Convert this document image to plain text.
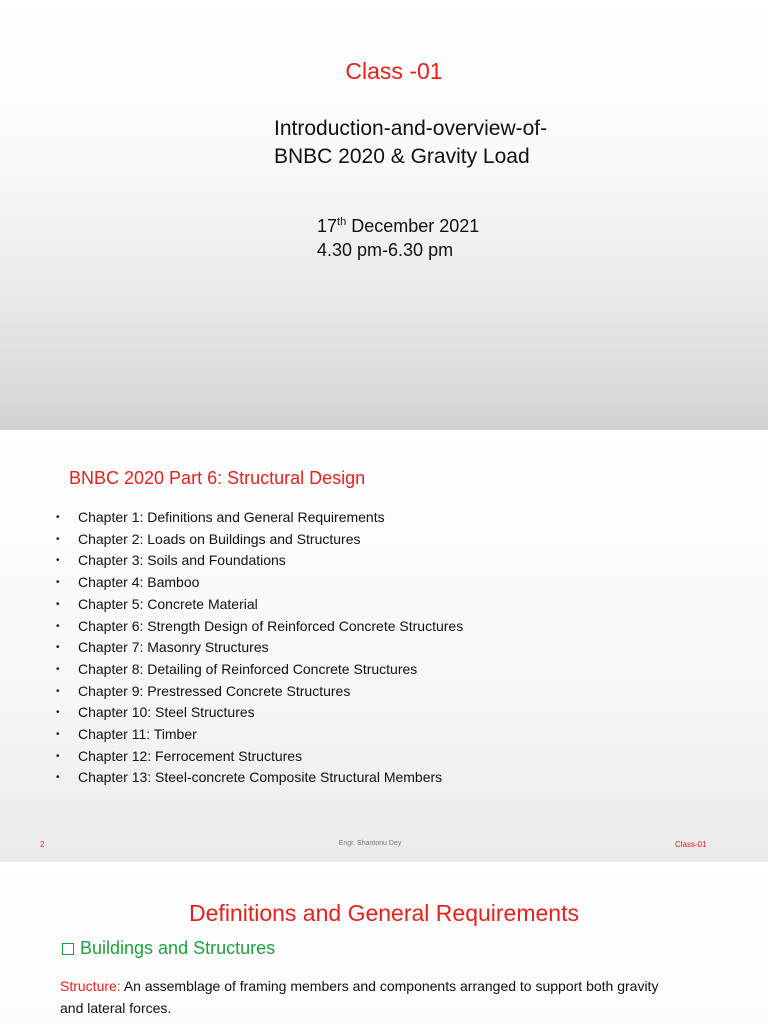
Class -01
Introduction-and-overview-of-
BNBC 2020 & Gravity Load
17th December 2021
4.30 pm-6.30 pm
BNBC 2020 Part 6: Structural Design
• Chapter 1: Definitions and General Requirements
• Chapter 2: Loads on Buildings and Structures
• Chapter 3: Soils and Foundations
• Chapter 4: Bamboo
• Chapter 5: Concrete Material
• Chapter 6: Strength Design of Reinforced Concrete Structures
• Chapter 7: Masonry Structures
• Chapter 8: Detailing of Reinforced Concrete Structures
• Chapter 9: Prestressed Concrete Structures
• Chapter 10: Steel Structures
• Chapter 11: Timber
• Chapter 12: Ferrocement Structures
• Chapter 13: Steel-concrete Composite Structural Members
2	Engr. Shantonu Dey	Class-01
Definitions and General Requirements
Buildings and Structures
Structure: An assemblage of framing members and components arranged to support both gravity and lateral forces.
